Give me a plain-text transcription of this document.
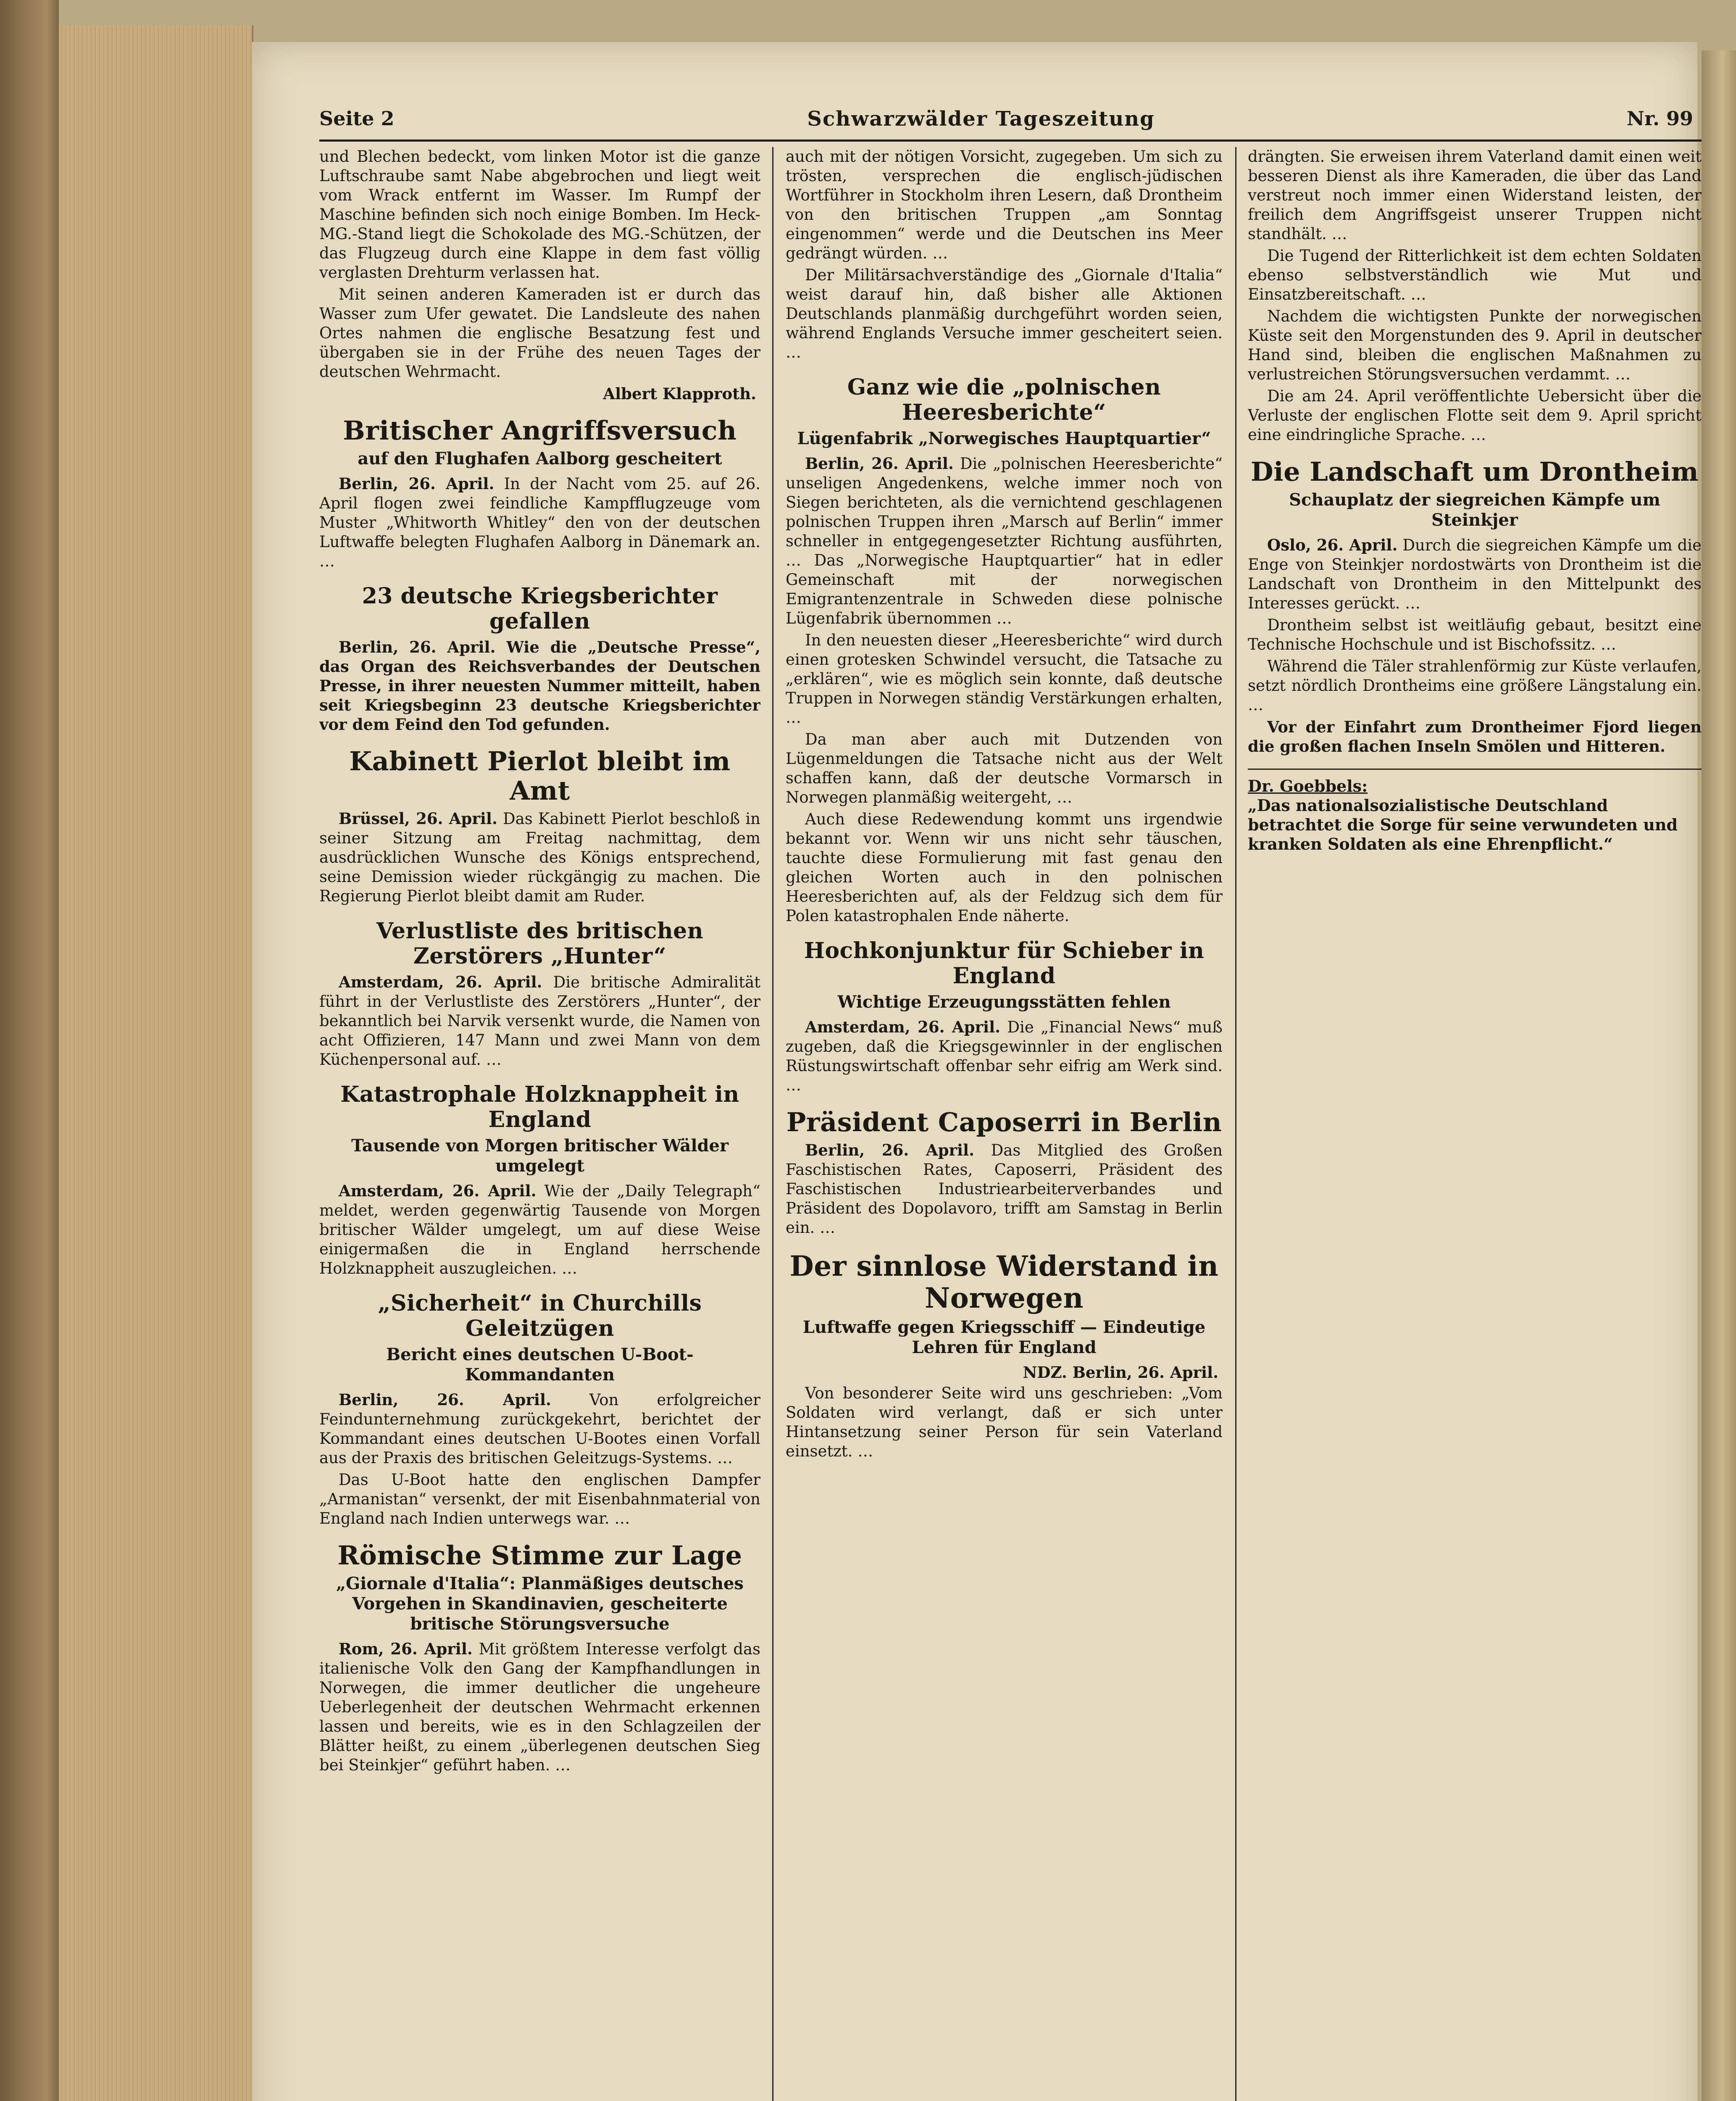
Seite 2	Schwarzwälder Tageszeitung	Nr. 99

und Blechen bedeckt, vom linken Motor ist die ganze Luftschraube samt Nabe abgebrochen und liegt weit vom Wrack entfernt im Wasser. Im Rumpf der Maschine befinden sich noch einige Bomben. Im Heck-MG.-Stand liegt die Schokolade des MG.-Schützen, der das Flugzeug durch eine Klappe in dem fast völlig verglasten Drehturm verlassen hat.

Mit seinen anderen Kameraden ist er durch das Wasser zum Ufer gewatet. Die Landsleute des nahen Ortes nahmen die englische Besatzung fest und übergaben sie in der Frühe des neuen Tages der deutschen Wehrmacht.

Albert Klapproth.
Britischer Angriffsversuch
auf den Flughafen Aalborg gescheitert

Berlin, 26. April. In der Nacht vom 25. auf 26. April flogen zwei feindliche Kampfflugzeuge vom Muster „Whitworth Whitley“ den von der deutschen Luftwaffe belegten Flughafen Aalborg in Dänemark an. …

23 deutsche Kriegsberichter gefallen

Berlin, 26. April. Wie die „Deutsche Presse“, das Organ des Reichsverbandes der Deutschen Presse, in ihrer neuesten Nummer mitteilt, haben seit Kriegsbeginn 23 deutsche Kriegsberichter vor dem Feind den Tod gefunden.

Kabinett Pierlot bleibt im Amt

Brüssel, 26. April. Das Kabinett Pierlot beschloß in seiner Sitzung am Freitag nachmittag, dem ausdrücklichen Wunsche des Königs entsprechend, seine Demission wieder rückgängig zu machen. Die Regierung Pierlot bleibt damit am Ruder.

Verlustliste des britischen Zerstörers „Hunter“

Amsterdam, 26. April. Die britische Admiralität führt in der Verlustliste des Zerstörers „Hunter“, der bekanntlich bei Narvik versenkt wurde, die Namen von acht Offizieren, 147 Mann und zwei Mann von dem Küchenpersonal auf. …

Katastrophale Holzknappheit in England
Tausende von Morgen britischer Wälder umgelegt

Amsterdam, 26. April. Wie der „Daily Telegraph“ meldet, werden gegenwärtig Tausende von Morgen britischer Wälder umgelegt, um auf diese Weise einigermaßen die in England herrschende Holzknappheit auszugleichen. …

„Sicherheit“ in Churchills Geleitzügen
Bericht eines deutschen U-Boot-Kommandanten

Berlin, 26. April. Von erfolgreicher Feindunternehmung zurückgekehrt, berichtet der Kommandant eines deutschen U-Bootes einen Vorfall aus der Praxis des britischen Geleitzugs-Systems. …

Das U-Boot hatte den englischen Dampfer „Armanistan“ versenkt, der mit Eisenbahnmaterial von England nach Indien unterwegs war. …

Römische Stimme zur Lage
„Giornale d'Italia“: Planmäßiges deutsches Vorgehen in Skandinavien, gescheiterte britische Störungsversuche

Rom, 26. April. Mit größtem Interesse verfolgt das italienische Volk den Gang der Kampfhandlungen in Norwegen, die immer deutlicher die ungeheure Ueberlegenheit der deutschen Wehrmacht erkennen lassen und bereits, wie es in den Schlagzeilen der Blätter heißt, zu einem „überlegenen deutschen Sieg bei Steinkjer“ geführt haben. …

auch mit der nötigen Vorsicht, zugegeben. Um sich zu trösten, versprechen die englisch-jüdischen Wortführer in Stockholm ihren Lesern, daß Drontheim von den britischen Truppen „am Sonntag eingenommen“ werde und die Deutschen ins Meer gedrängt würden. …

Der Militärsachverständige des „Giornale d'Italia“ weist darauf hin, daß bisher alle Aktionen Deutschlands planmäßig durchgeführt worden seien, während Englands Versuche immer gescheitert seien. …

Ganz wie die „polnischen Heeresberichte“
Lügenfabrik „Norwegisches Hauptquartier“

Berlin, 26. April. Die „polnischen Heeresberichte“ unseligen Angedenkens, welche immer noch von Siegen berichteten, als die vernichtend geschlagenen polnischen Truppen ihren „Marsch auf Berlin“ immer schneller in entgegengesetzter Richtung ausführten, … Das „Norwegische Hauptquartier“ hat in edler Gemeinschaft mit der norwegischen Emigrantenzentrale in Schweden diese polnische Lügenfabrik übernommen …

In den neuesten dieser „Heeresberichte“ wird durch einen grotesken Schwindel versucht, die Tatsache zu „erklären“, wie es möglich sein konnte, daß deutsche Truppen in Norwegen ständig Verstärkungen erhalten, …

Da man aber auch mit Dutzenden von Lügenmeldungen die Tatsache nicht aus der Welt schaffen kann, daß der deutsche Vormarsch in Norwegen planmäßig weitergeht, …

Auch diese Redewendung kommt uns irgendwie bekannt vor. Wenn wir uns nicht sehr täuschen, tauchte diese Formulierung mit fast genau den gleichen Worten auch in den polnischen Heeresberichten auf, als der Feldzug sich dem für Polen katastrophalen Ende näherte.

Hochkonjunktur für Schieber in England
Wichtige Erzeugungsstätten fehlen

Amsterdam, 26. April. Die „Financial News“ muß zugeben, daß die Kriegsgewinnler in der englischen Rüstungswirtschaft offenbar sehr eifrig am Werk sind. …

Präsident Caposerri in Berlin

Berlin, 26. April. Das Mitglied des Großen Faschistischen Rates, Caposerri, Präsident des Faschistischen Industriearbeiterverbandes und Präsident des Dopolavoro, trifft am Samstag in Berlin ein. …

Der sinnlose Widerstand in Norwegen
Luftwaffe gegen Kriegsschiff — Eindeutige Lehren für England
NDZ. Berlin, 26. April.

Von besonderer Seite wird uns geschrieben: „Vom Soldaten wird verlangt, daß er sich unter Hintansetzung seiner Person für sein Vaterland einsetzt. …

drängten. Sie erweisen ihrem Vaterland damit einen weit besseren Dienst als ihre Kameraden, die über das Land verstreut noch immer einen Widerstand leisten, der freilich dem Angriffsgeist unserer Truppen nicht standhält. …

Die Tugend der Ritterlichkeit ist dem echten Soldaten ebenso selbstverständlich wie Mut und Einsatzbereitschaft. …

Nachdem die wichtigsten Punkte der norwegischen Küste seit den Morgenstunden des 9. April in deutscher Hand sind, bleiben die englischen Maßnahmen zu verlustreichen Störungsversuchen verdammt. …

Die am 24. April veröffentlichte Uebersicht über die Verluste der englischen Flotte seit dem 9. April spricht eine eindringliche Sprache. …

Die Landschaft um Drontheim
Schauplatz der siegreichen Kämpfe um Steinkjer

Oslo, 26. April. Durch die siegreichen Kämpfe um die Enge von Steinkjer nordostwärts von Drontheim ist die Landschaft von Drontheim in den Mittelpunkt des Interesses gerückt. …

Drontheim selbst ist weitläufig gebaut, besitzt eine Technische Hochschule und ist Bischofssitz. …

Während die Täler strahlenförmig zur Küste verlaufen, setzt nördlich Drontheims eine größere Längstalung ein. …

Vor der Einfahrt zum Drontheimer Fjord liegen die großen flachen Inseln Smölen und Hitteren.

Dr. Goebbels:
„Das nationalsozialistische Deutschland betrachtet die Sorge für seine verwundeten und kranken Soldaten als eine Ehrenpflicht.“
